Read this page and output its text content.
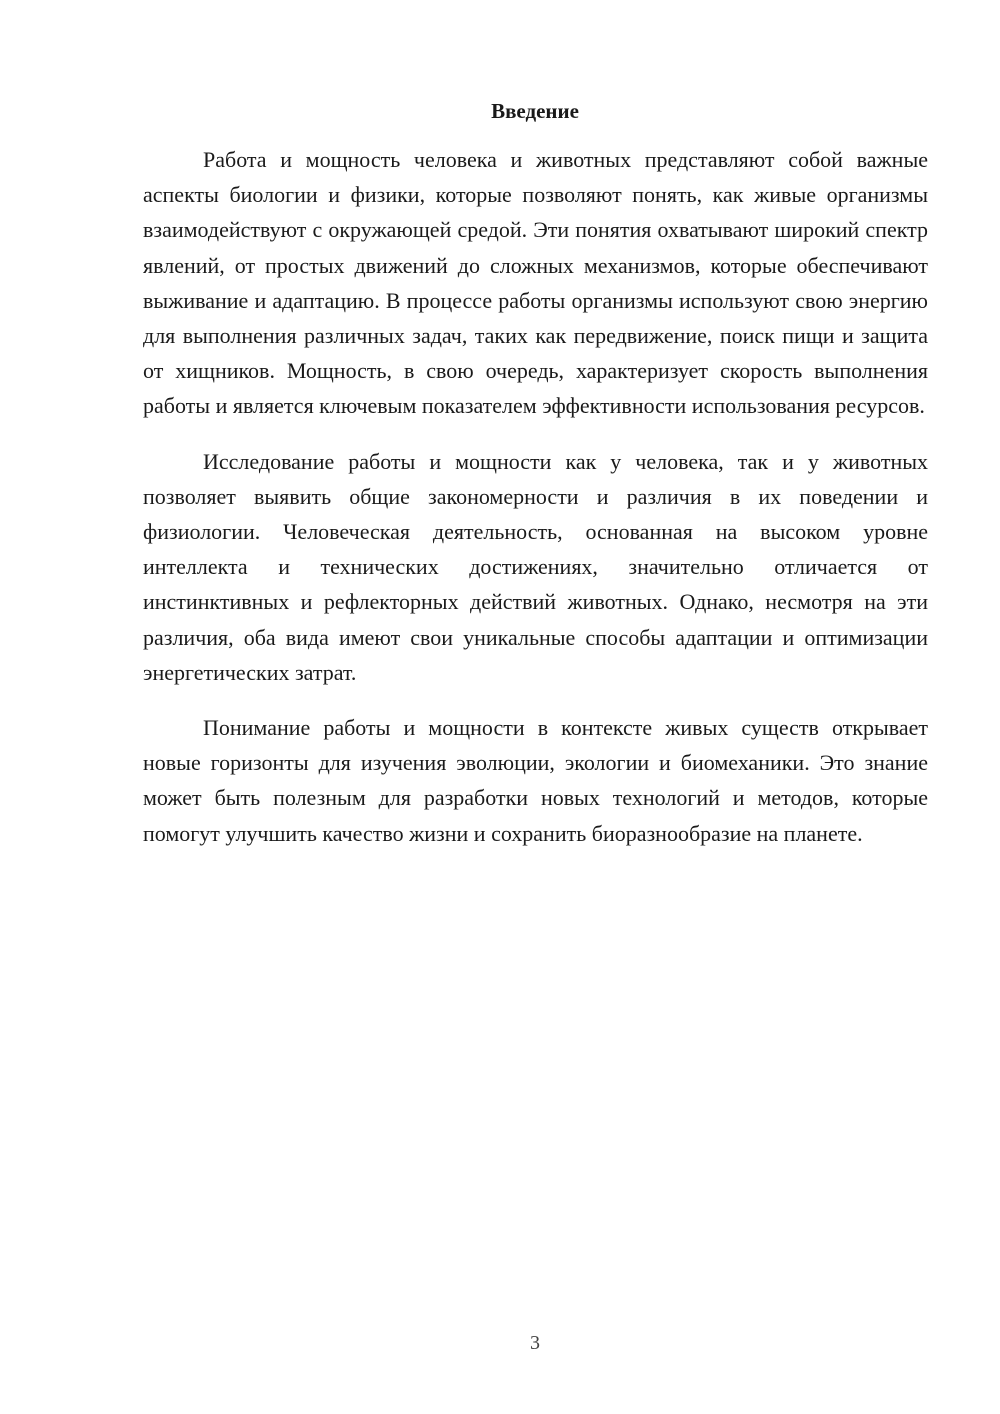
Введение

Работа и мощность человека и животных представляют собой важные аспекты биологии и физики, которые позволяют понять, как живые организмы взаимодействуют с окружающей средой. Эти понятия охватывают широкий спектр явлений, от простых движений до сложных механизмов, которые обеспечивают выживание и адаптацию. В процессе работы организмы используют свою энергию для выполнения различных задач, таких как передвижение, поиск пищи и защита от хищников. Мощность, в свою очередь, характеризует скорость выполнения работы и является ключевым показателем эффективности использования ресурсов.

Исследование работы и мощности как у человека, так и у животных позволяет выявить общие закономерности и различия в их поведении и физиологии. Человеческая деятельность, основанная на высоком уровне интеллекта и технических достижениях, значительно отличается от инстинктивных и рефлекторных действий животных. Однако, несмотря на эти различия, оба вида имеют свои уникальные способы адаптации и оптимизации энергетических затрат.

Понимание работы и мощности в контексте живых существ открывает новые горизонты для изучения эволюции, экологии и биомеханики. Это знание может быть полезным для разработки новых технологий и методов, которые помогут улучшить качество жизни и сохранить биоразнообразие на планете.

3
